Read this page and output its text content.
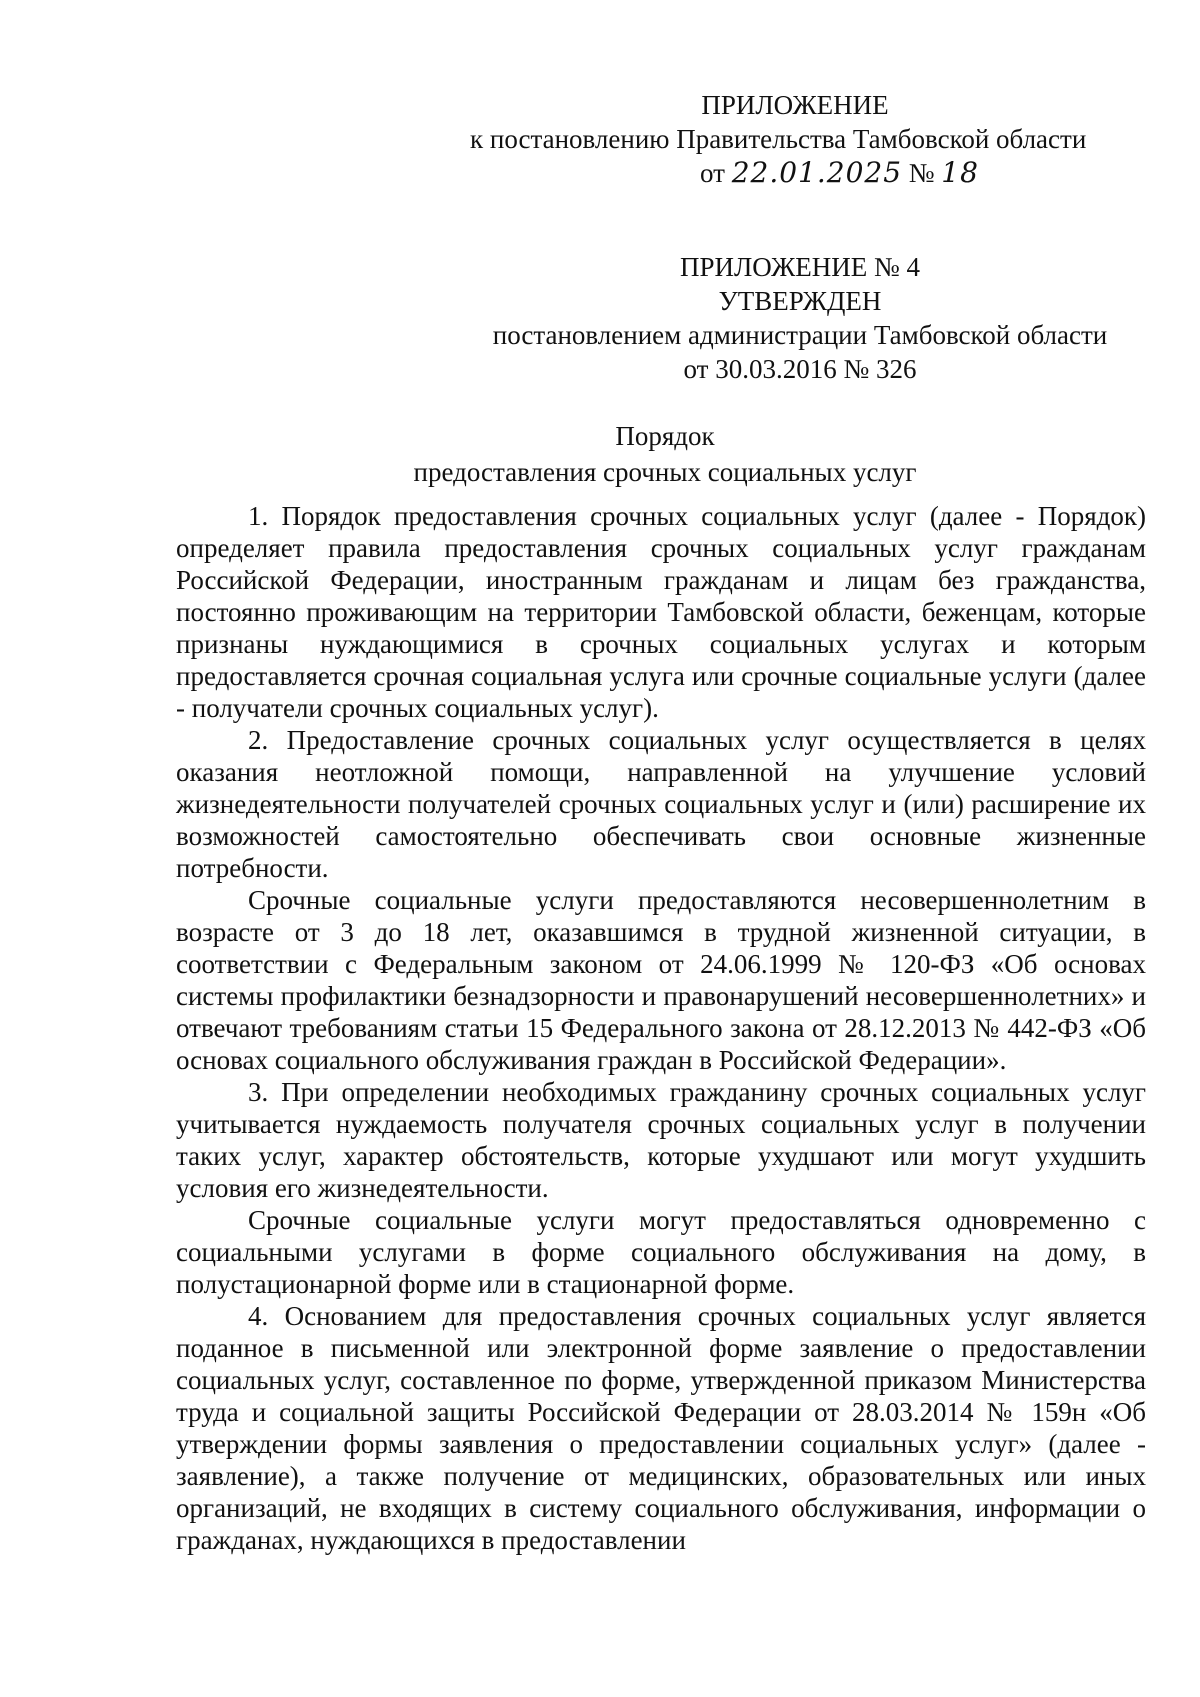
ПРИЛОЖЕНИЕ
к постановлению Правительства Тамбовской области
от 22.01.2025 № 18
ПРИЛОЖЕНИЕ № 4
УТВЕРЖДЕН
постановлением администрации Тамбовской области
от 30.03.2016 № 326
Порядок
предоставления срочных социальных услуг

1. Порядок предоставления срочных социальных услуг (далее - Порядок) определяет правила предоставления срочных социальных услуг гражданам Российской Федерации, иностранным гражданам и лицам без гражданства, постоянно проживающим на территории Тамбовской области, беженцам, которые признаны нуждающимися в срочных социальных услугах и которым предоставляется срочная социальная услуга или срочные социальные услуги (далее - получатели срочных социальных услуг).

2. Предоставление срочных социальных услуг осуществляется в целях оказания неотложной помощи, направленной на улучшение условий жизнедеятельности получателей срочных социальных услуг и (или) расширение их возможностей самостоятельно обеспечивать свои основные жизненные потребности.

Срочные социальные услуги предоставляются несовершеннолетним в возрасте от 3 до 18 лет, оказавшимся в трудной жизненной ситуации, в соответствии с Федеральным законом от 24.06.1999 № 120-ФЗ «Об основах системы профилактики безнадзорности и правонарушений несовершеннолетних» и отвечают требованиям статьи 15 Федерального закона от 28.12.2013 № 442-ФЗ «Об основах социального обслуживания граждан в Российской Федерации».

3. При определении необходимых гражданину срочных социальных услуг учитывается нуждаемость получателя срочных социальных услуг в получении таких услуг, характер обстоятельств, которые ухудшают или могут ухудшить условия его жизнедеятельности.

Срочные социальные услуги могут предоставляться одновременно с социальными услугами в форме социального обслуживания на дому, в полустационарной форме или в стационарной форме.

4. Основанием для предоставления срочных социальных услуг является поданное в письменной или электронной форме заявление о предоставлении социальных услуг, составленное по форме, утвержденной приказом Министерства труда и социальной защиты Российской Федерации от 28.03.2014 № 159н «Об утверждении формы заявления о предоставлении социальных услуг» (далее - заявление), а также получение от медицинских, образовательных или иных организаций, не входящих в систему социального обслуживания, информации о гражданах, нуждающихся в предоставлении
